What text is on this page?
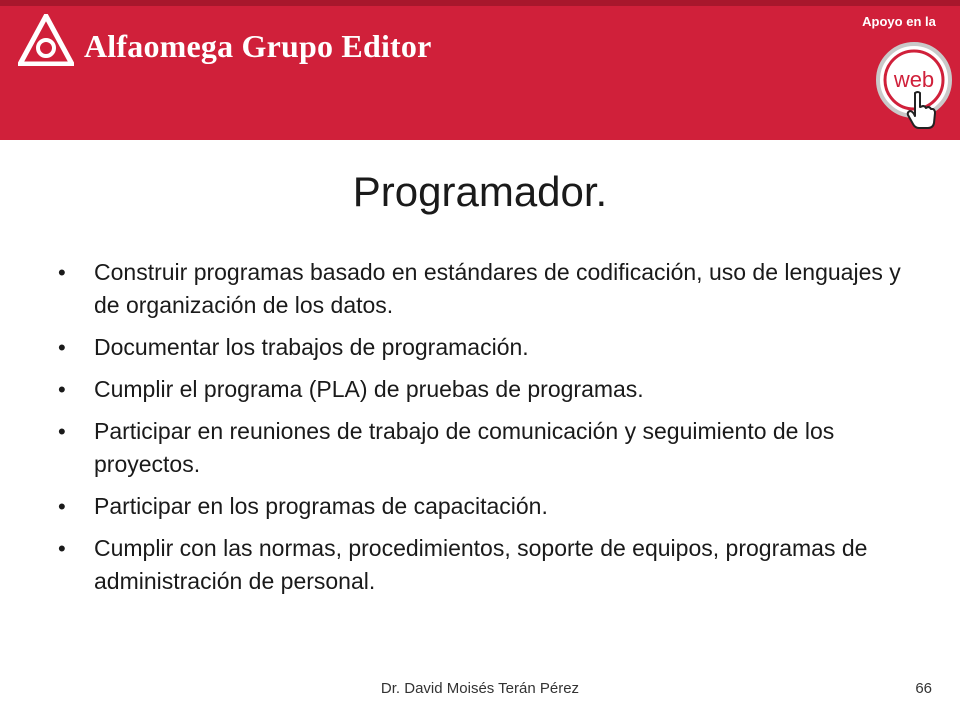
Alfaomega Grupo Editor
Apoyo en la
web
Programador.
• Construir programas basado en estándares de codificación, uso de lenguajes y de organización de los datos.
• Documentar los trabajos de programación.
• Cumplir el programa (PLA) de pruebas de programas.
• Participar en reuniones de trabajo de comunicación y seguimiento de los proyectos.
• Participar en los programas de capacitación.
• Cumplir con las normas, procedimientos, soporte de equipos, programas de administración de personal.
Dr. David Moisés Terán Pérez	66
